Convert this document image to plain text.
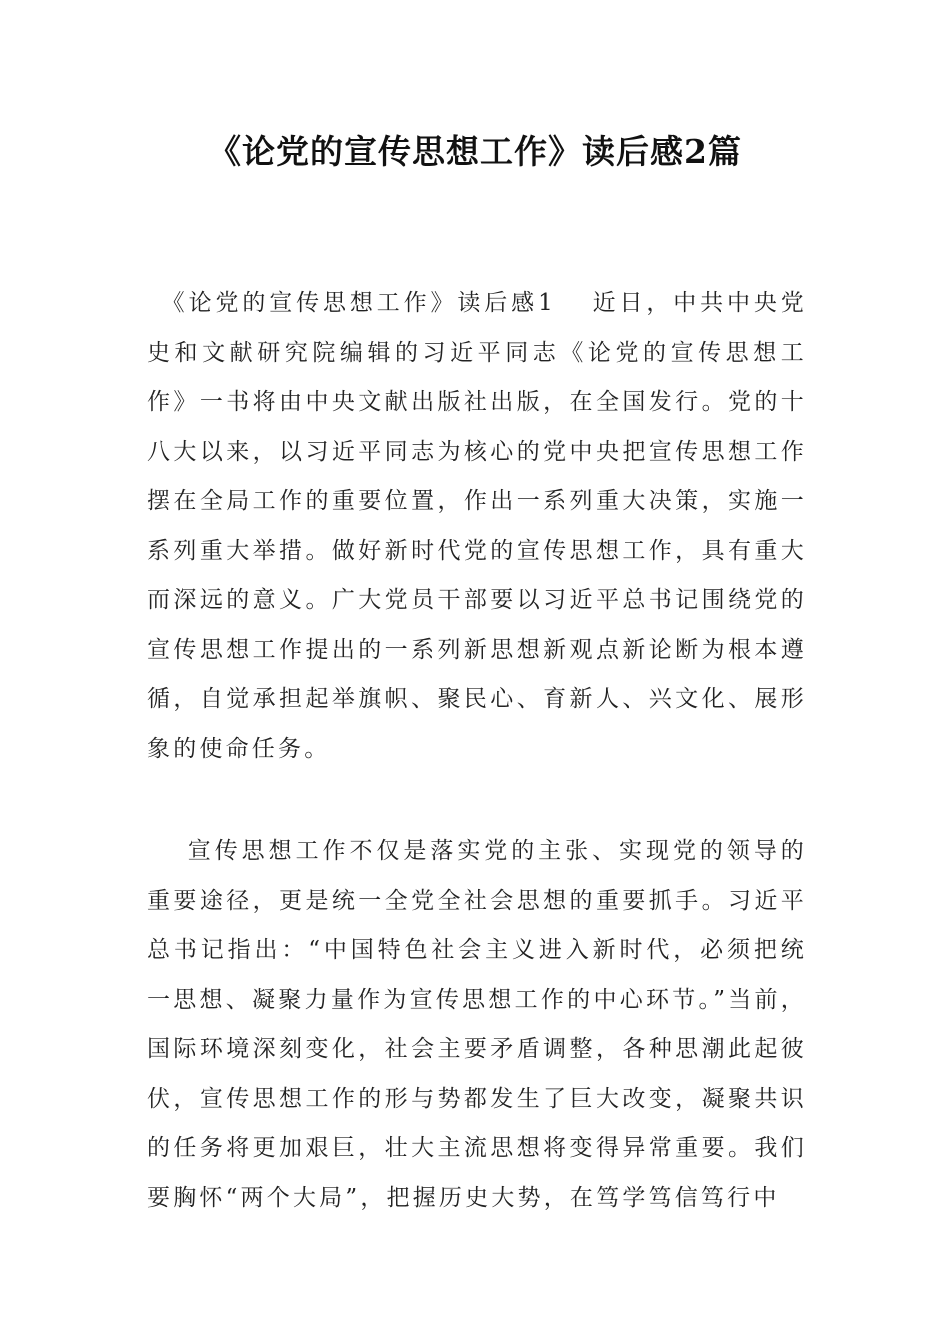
《论党的宣传思想工作》读后感2篇
《论党的宣传思想工作》读后感1 近日，中共中央党史和文献研究院编辑的习近平同志《论党的宣传思想工作》一书将由中央文献出版社出版，在全国发行。党的十八大以来，以习近平同志为核心的党中央把宣传思想工作摆在全局工作的重要位置，作出一系列重大决策，实施一系列重大举措。做好新时代党的宣传思想工作，具有重大而深远的意义。广大党员干部要以习近平总书记围绕党的宣传思想工作提出的一系列新思想新观点新论断为根本遵循，自觉承担起举旗帜、聚民心、育新人、兴文化、展形象的使命任务。
宣传思想工作不仅是落实党的主张、实现党的领导的重要途径，更是统一全党全社会思想的重要抓手。习近平总书记指出：“中国特色社会主义进入新时代，必须把统一思想、凝聚力量作为宣传思想工作的中心环节。”当前，国际环境深刻变化，社会主要矛盾调整，各种思潮此起彼伏，宣传思想工作的形与势都发生了巨大改变，凝聚共识的任务将更加艰巨，壮大主流思想将变得异常重要。我们要胸怀“两个大局”，把握历史大势，在笃学笃信笃行中
